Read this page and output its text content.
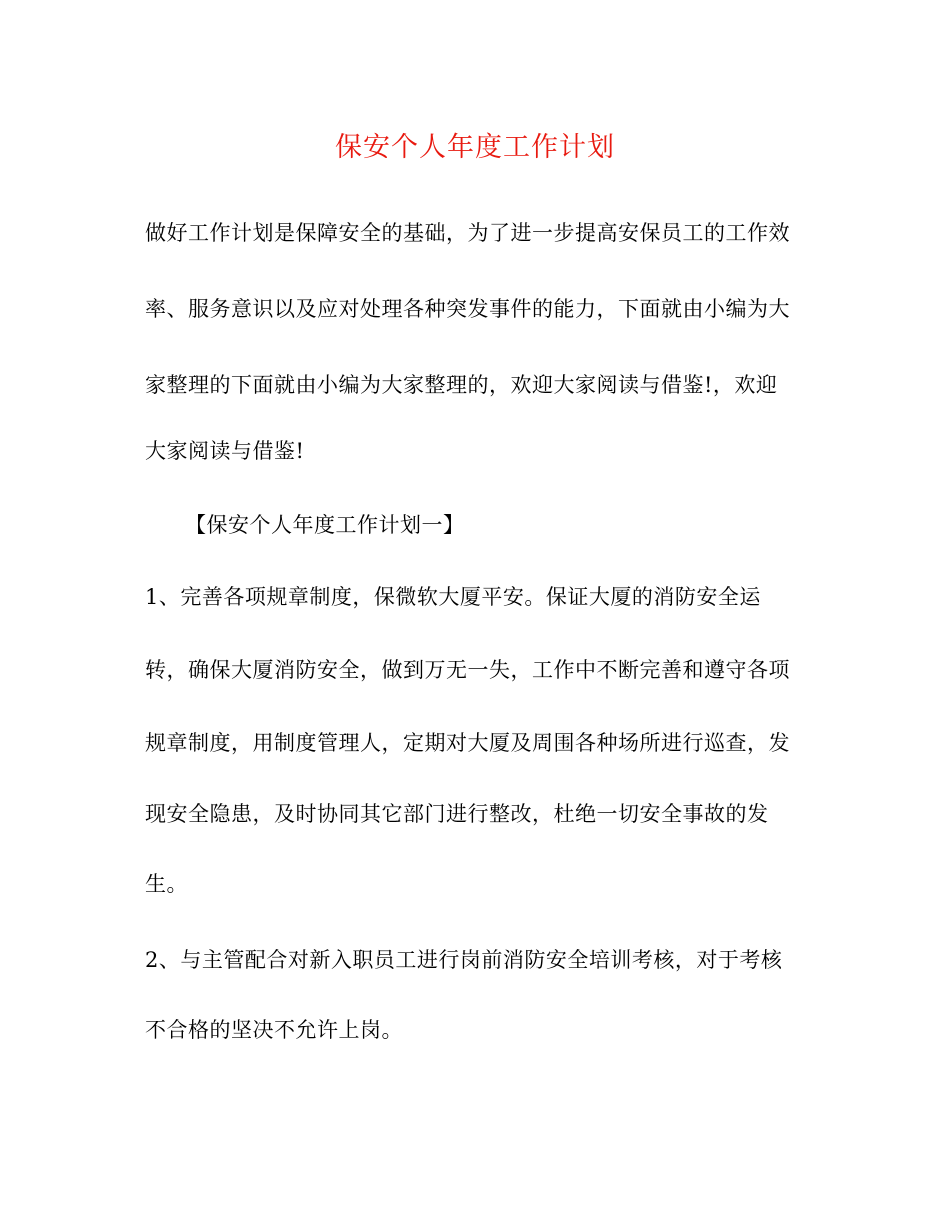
保安个人年度工作计划
做好工作计划是保障安全的基础，为了进一步提高安保员工的工作效
率、服务意识以及应对处理各种突发事件的能力，下面就由小编为大
家整理的下面就由小编为大家整理的，欢迎大家阅读与借鉴!，欢迎
大家阅读与借鉴!
【保安个人年度工作计划一】
1、完善各项规章制度，保微软大厦平安。保证大厦的消防安全运
转，确保大厦消防安全，做到万无一失，工作中不断完善和遵守各项
规章制度，用制度管理人，定期对大厦及周围各种场所进行巡查，发
现安全隐患，及时协同其它部门进行整改，杜绝一切安全事故的发
生。
2、与主管配合对新入职员工进行岗前消防安全培训考核，对于考核
不合格的坚决不允许上岗。
